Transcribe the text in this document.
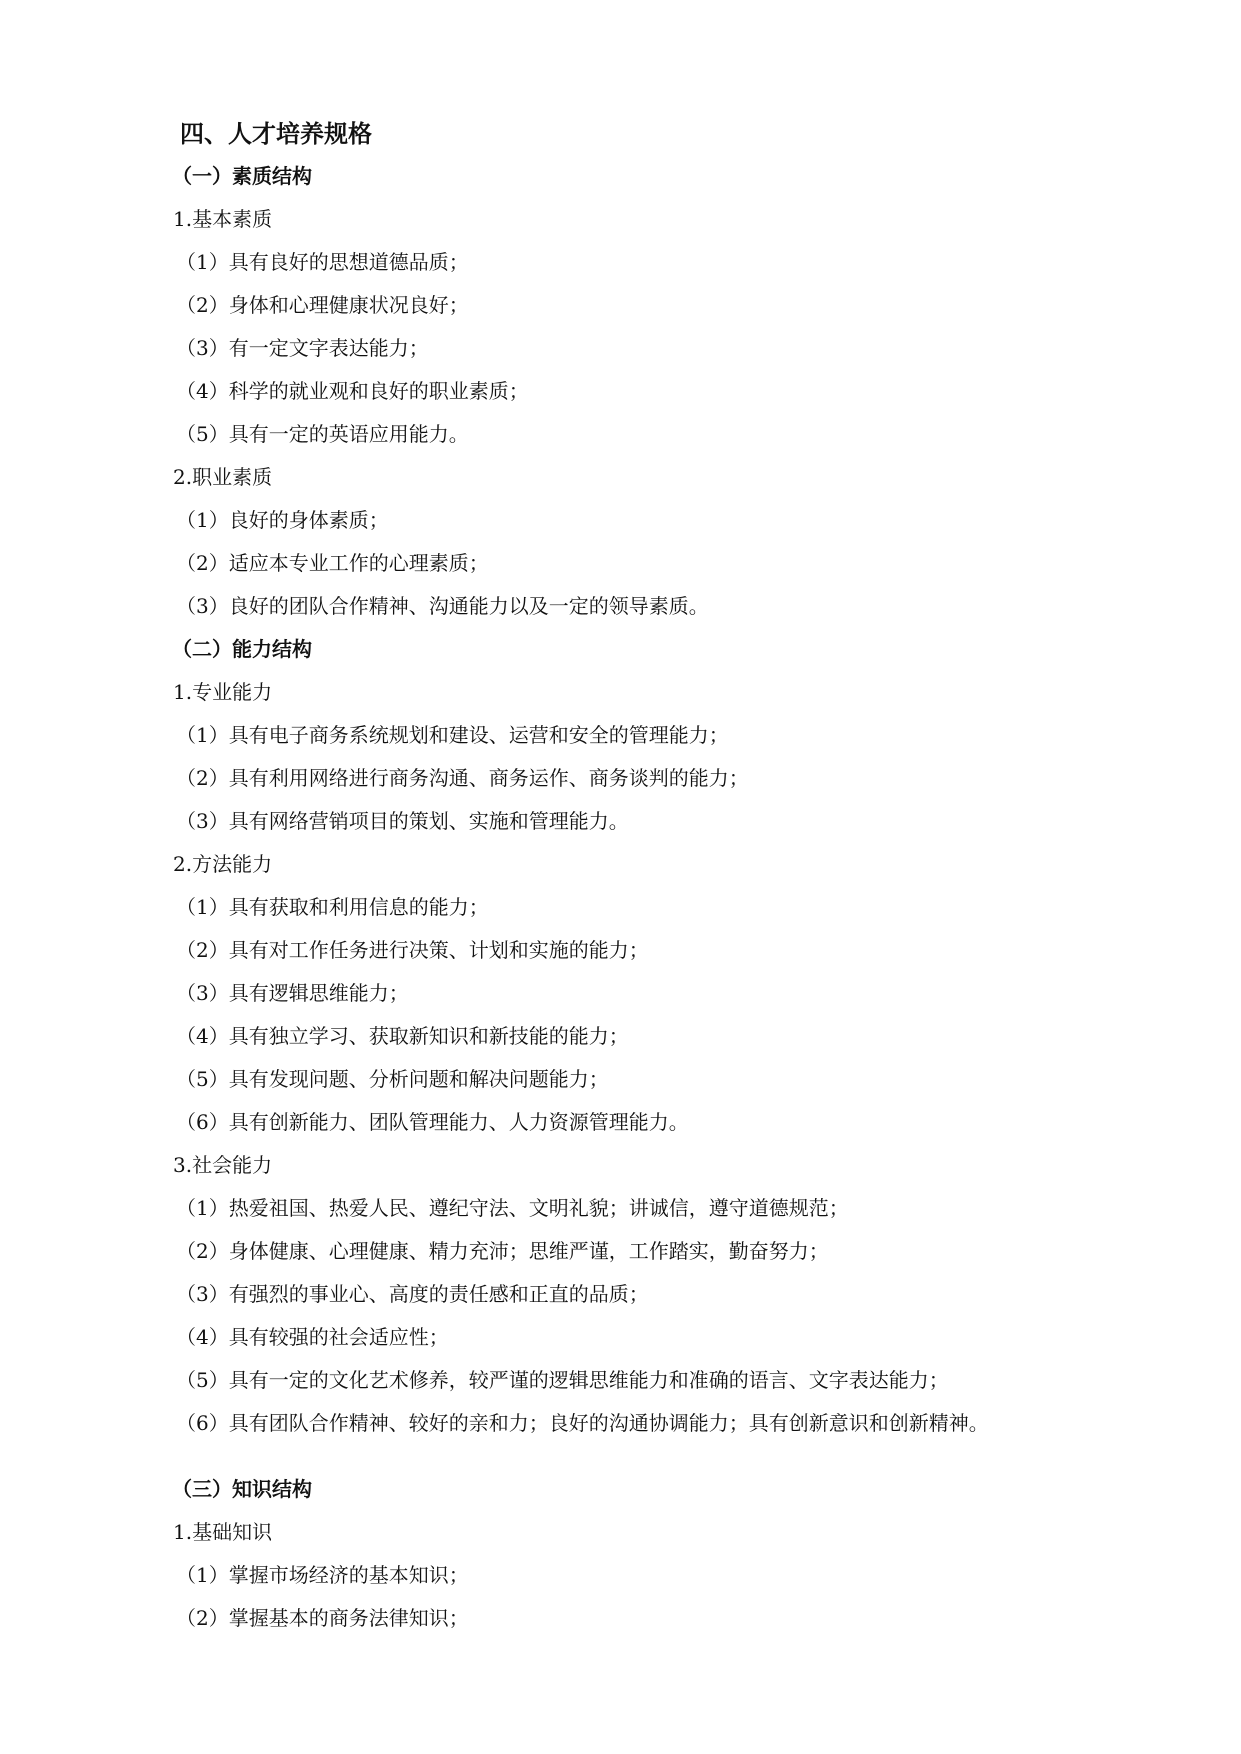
四、人才培养规格
（一）素质结构
1.基本素质
（1）具有良好的思想道德品质；
（2）身体和心理健康状况良好；
（3）有一定文字表达能力；
（4）科学的就业观和良好的职业素质；
（5）具有一定的英语应用能力。
2.职业素质
（1）良好的身体素质；
（2）适应本专业工作的心理素质；
（3）良好的团队合作精神、沟通能力以及一定的领导素质。
（二）能力结构
1.专业能力
（1）具有电子商务系统规划和建设、运营和安全的管理能力；
（2）具有利用网络进行商务沟通、商务运作、商务谈判的能力；
（3）具有网络营销项目的策划、实施和管理能力。
2.方法能力
（1）具有获取和利用信息的能力；
（2）具有对工作任务进行决策、计划和实施的能力；
（3）具有逻辑思维能力；
（4）具有独立学习、获取新知识和新技能的能力；
（5）具有发现问题、分析问题和解决问题能力；
（6）具有创新能力、团队管理能力、人力资源管理能力。
3.社会能力
（1）热爱祖国、热爱人民、遵纪守法、文明礼貌；讲诚信，遵守道德规范；
（2）身体健康、心理健康、精力充沛；思维严谨，工作踏实，勤奋努力；
（3）有强烈的事业心、高度的责任感和正直的品质；
（4）具有较强的社会适应性；
（5）具有一定的文化艺术修养，较严谨的逻辑思维能力和准确的语言、文字表达能力；
（6）具有团队合作精神、较好的亲和力；良好的沟通协调能力；具有创新意识和创新精神。
（三）知识结构
1.基础知识
（1）掌握市场经济的基本知识；
（2）掌握基本的商务法律知识；
